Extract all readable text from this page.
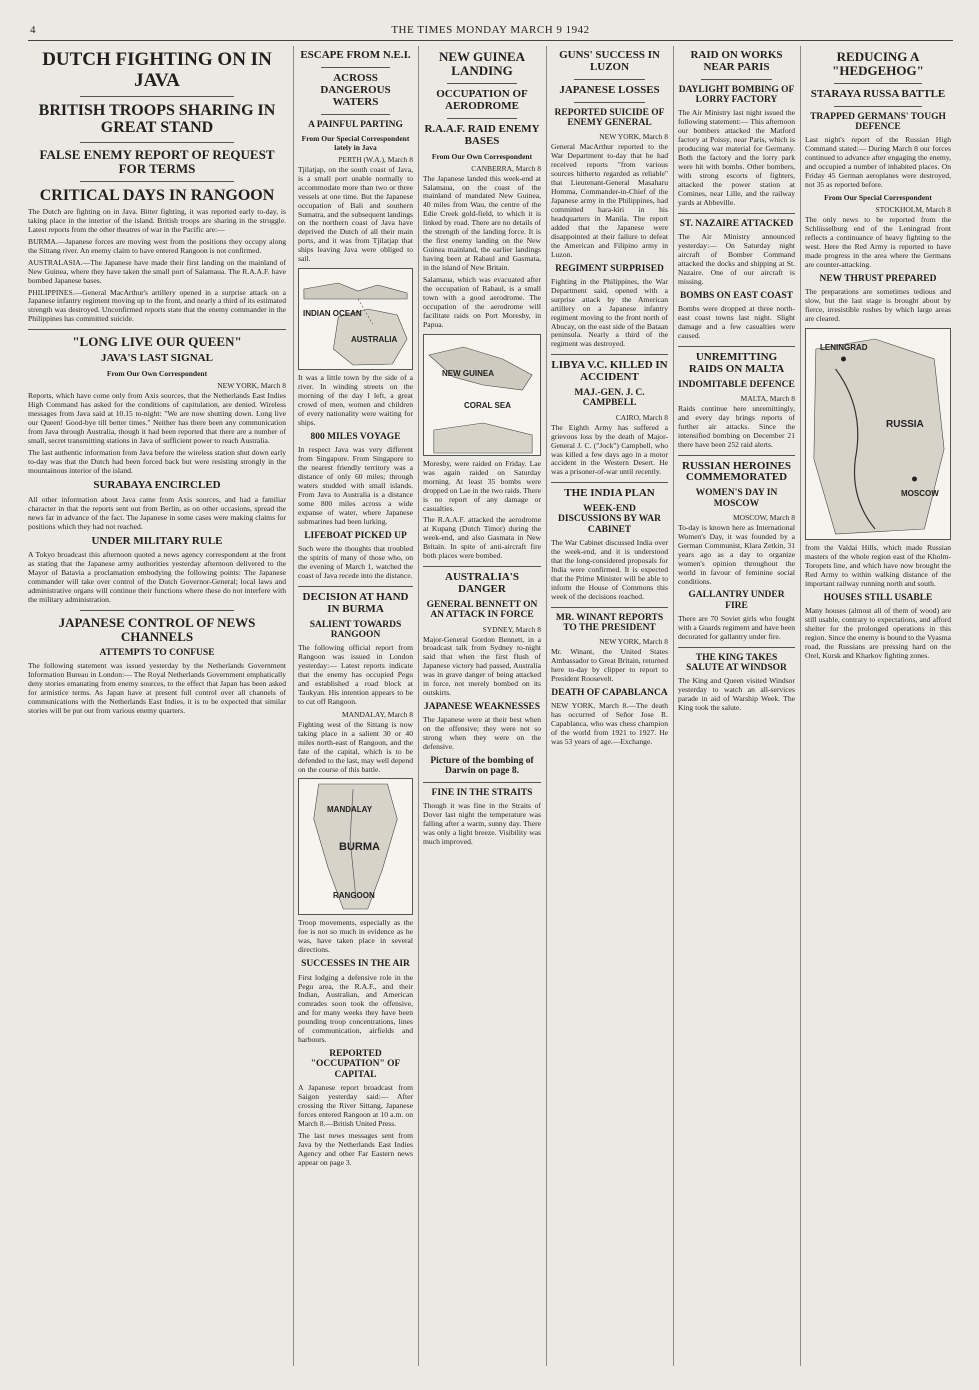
4	THE TIMES MONDAY MARCH 9 1942
DUTCH FIGHTING ON IN JAVA
BRITISH TROOPS SHARING IN GREAT STAND
FALSE ENEMY REPORT OF REQUEST FOR TERMS
CRITICAL DAYS IN RANGOON

The Dutch are fighting on in Java. Bitter fighting, it was reported early to-day, is taking place in the interior of the island. British troops are sharing in the struggle. Latest reports from the other theatres of war in the Pacific are:—

BURMA.—Japanese forces are moving west from the positions they occupy along the Sittang river. An enemy claim to have entered Rangoon is not confirmed.

AUSTRALASIA.—The Japanese have made their first landing on the mainland of New Guinea, where they have taken the small port of Salamaua. The R.A.A.F. have bombed Japanese bases.

PHILIPPINES.—General MacArthur's artillery opened in a surprise attack on a Japanese infantry regiment moving up to the front, and nearly a third of its estimated strength was destroyed. Unconfirmed reports state that the enemy commander in the Philippines has committed suicide.

"LONG LIVE OUR QUEEN"
JAVA'S LAST SIGNAL
From Our Own Correspondent
NEW YORK, March 8

Reports, which have come only from Axis sources, that the Netherlands East Indies High Command has asked for the conditions of capitulation, are denied. Wireless messages from Java said at 10.15 to-night: "We are now shutting down. Long live our Queen! Good-bye till better times." Neither has there been any communication from Java through Australia, though it had been reported that there are a number of small, secret transmitting stations in Java of sufficient power to reach Australia.

The last authentic information from Java before the wireless station shut down early to-day was that the Dutch had been forced back but were resisting strongly in the mountainous interior of the island.

SURABAYA ENCIRCLED

All other information about Java came from Axis sources, and had a familiar character in that the reports sent out from Berlin, as on other occasions, spread the news far in advance of the fact. The Japanese in some cases were making claims for positions which they had not reached.

UNDER MILITARY RULE

A Tokyo broadcast this afternoon quoted a news agency correspondent at the front as stating that the Japanese army authorities yesterday afternoon delivered to the Mayor of Batavia a proclamation embodying the following points: The Japanese commander will take over control of the Dutch Governor-General; local laws and administrative organs will continue their functions where these do not interfere with the military administration.

JAPANESE CONTROL OF NEWS CHANNELS
ATTEMPTS TO CONFUSE

The following statement was issued yesterday by the Netherlands Government Information Bureau in London:— The Royal Netherlands Government emphatically deny stories emanating from enemy sources, to the effect that Japan has been asked for armistice terms. As Japan have at present full control over all channels of communications with the Netherlands East Indies, it is to be expected that similar stories will be put out from various enemy quarters.

ESCAPE FROM N.E.I.
ACROSS DANGEROUS WATERS
A PAINFUL PARTING
From Our Special Correspondent lately in Java
PERTH (W.A.), March 8

Tjilatjap, on the south coast of Java, is a small port unable normally to accommodate more than two or three vessels at one time. But the Japanese occupation of Bali and southern Sumatra, and the subsequent landings on the northern coast of Java have deprived the Dutch of all their main ports, and it was from Tjilatjap that ships leaving Java were obliged to sail.

INDIAN OCEAN
AUSTRALIA

It was a little town by the side of a river. In winding streets on the morning of the day I left, a great crowd of men, women and children of every nationality were waiting for ships.

800 MILES VOYAGE

In respect Java was very different from Singapore. From Singapore to the nearest friendly territory was a distance of only 60 miles; through waters studded with small islands. From Java to Australia is a distance some 800 miles across a wide expanse of water, where Japanese submarines had been lurking.

LIFEBOAT PICKED UP

Such were the thoughts that troubled the spirits of many of those who, on the evening of March 1, watched the coast of Java recede into the distance.

DECISION AT HAND IN BURMA
SALIENT TOWARDS RANGOON

The following official report from Rangoon was issued in London yesterday:— Latest reports indicate that the enemy has occupied Pegu and established a road block at Taukyan. His intention appears to be to cut off Rangoon.

MANDALAY, March 8

Fighting west of the Sittang is now taking place in a salient 30 or 40 miles north-east of Rangoon, and the fate of the capital, which is to be defended to the last, may well depend on the course of this battle.

MANDALAY
BURMA
RANGOON

Troop movements, especially as the foe is not so much in evidence as he was, have taken place in several directions.

SUCCESSES IN THE AIR

First lodging a defensive role in the Pegu area, the R.A.F., and their Indian, Australian, and American comrades soon took the offensive, and for many weeks they have been pounding troop concentrations, lines of communication, airfields and harbours.

REPORTED "OCCUPATION" OF CAPITAL

A Japanese report broadcast from Saigon yesterday said:— After crossing the River Sittang, Japanese forces entered Rangoon at 10 a.m. on March 8.—British United Press.

The last news messages sent from Java by the Netherlands East Indies Agency and other Far Eastern news appear on page 3.

NEW GUINEA LANDING
OCCUPATION OF AERODROME
R.A.A.F. RAID ENEMY BASES
From Our Own Correspondent
CANBERRA, March 8

The Japanese landed this week-end at Salamaua, on the coast of the mainland of mandated New Guinea, 40 miles from Wau, the centre of the Edie Creek gold-field, to which it is linked by road. There are no details of the strength of the landing force. It is the first enemy landing on the New Guinea mainland, the earlier landings having been at Rabaul and Gasmata, in the island of New Britain.

Salamaua, which was evacuated after the occupation of Rabaul, is a small town with a good aerodrome. The occupation of the aerodrome will facilitate raids on Port Moresby, in Papua.

NEW GUINEA
CORAL SEA

Moresby, were raided on Friday. Lae was again raided on Saturday morning. At least 35 bombs were dropped on Lae in the two raids. There is no report of any damage or casualties.

The R.A.A.F. attacked the aerodrome at Kupang (Dutch Timor) during the week-end, and also Gasmata in New Britain. In spite of anti-aircraft fire both places were bombed.

AUSTRALIA'S DANGER
GENERAL BENNETT ON AN ATTACK IN FORCE
SYDNEY, March 8

Major-General Gordon Bennett, in a broadcast talk from Sydney to-night said that when the first flush of Japanese victory had passed, Australia was in grave danger of being attacked in force, not merely bombed on its outskirts.

JAPANESE WEAKNESSES

The Japanese were at their best when on the offensive; they were not so strong when they were on the defensive.

Picture of the bombing of Darwin on page 8.
FINE IN THE STRAITS

Though it was fine in the Straits of Dover last night the temperature was falling after a warm, sunny day. There was only a light breeze. Visibility was much improved.

GUNS' SUCCESS IN LUZON
JAPANESE LOSSES
REPORTED SUICIDE OF ENEMY GENERAL
NEW YORK, March 8

General MacArthur reported to the War Department to-day that he had received reports "from various sources hitherto regarded as reliable" that Lieutenant-General Masaharu Homma, Commander-in-Chief of the Japanese army in the Philippines, had committed hara-kiri in his headquarters in Manila. The report added that the Japanese were disappointed at their failure to defeat the American and Filipino army in Luzon.

REGIMENT SURPRISED

Fighting in the Philippines, the War Department said, opened with a surprise attack by the American artillery on a Japanese infantry regiment moving to the front north of Abucay, on the east side of the Bataan peninsula. Nearly a third of the regiment was destroyed.

LIBYA V.C. KILLED IN ACCIDENT
MAJ.-GEN. J. C. CAMPBELL
CAIRO, March 8

The Eighth Army has suffered a grievous loss by the death of Major-General J. C. ("Jock") Campbell, who was killed a few days ago in a motor accident in the Western Desert. He was a prisoner-of-war until recently.

THE INDIA PLAN
WEEK-END DISCUSSIONS BY WAR CABINET

The War Cabinet discussed India over the week-end, and it is understood that the long-considered proposals for India were confirmed. It is expected that the Prime Minister will be able to inform the House of Commons this week of the decisions reached.

MR. WINANT REPORTS TO THE PRESIDENT
NEW YORK, March 8

Mr. Winant, the United States Ambassador to Great Britain, returned here to-day by clipper to report to President Roosevelt.

DEATH OF CAPABLANCA

NEW YORK, March 8.—The death has occurred of Señor Jose R. Capablanca, who was chess champion of the world from 1921 to 1927. He was 53 years of age.—Exchange.

RAID ON WORKS NEAR PARIS
DAYLIGHT BOMBING OF LORRY FACTORY

The Air Ministry last night issued the following statement:— This afternoon our bombers attacked the Matford factory at Poissy, near Paris, which is producing war material for Germany. Both the factory and the lorry park were hit with bombs. Other bombers, with strong escorts of fighters, attacked the power station at Comines, near Lille, and the railway yards at Abbeville.

ST. NAZAIRE ATTACKED

The Air Ministry announced yesterday:— On Saturday night aircraft of Bomber Command attacked the docks and shipping at St. Nazaire. One of our aircraft is missing.

BOMBS ON EAST COAST

Bombs were dropped at three north-east coast towns last night. Slight damage and a few casualties were caused.

UNREMITTING RAIDS ON MALTA
INDOMITABLE DEFENCE
MALTA, March 8

Raids continue here unremittingly, and every day brings reports of further air attacks. Since the intensified bombing on December 21 there have been 252 raid alerts.

RUSSIAN HEROINES COMMEMORATED
WOMEN'S DAY IN MOSCOW
MOSCOW, March 8

To-day is known here as International Women's Day, it was founded by a German Communist, Klara Zetkin, 31 years ago as a day to organize women's opinion throughout the world in favour of feminine social conditions.

GALLANTRY UNDER FIRE

There are 70 Soviet girls who fought with a Guards regiment and have been decorated for gallantry under fire.

THE KING TAKES SALUTE AT WINDSOR

The King and Queen visited Windsor yesterday to watch an all-services parade in aid of Warship Week. The King took the salute.

REDUCING A "HEDGEHOG"
STARAYA RUSSA BATTLE
TRAPPED GERMANS' TOUGH DEFENCE

Last night's report of the Russian High Command stated:— During March 8 our forces continued to advance after engaging the enemy, and occupied a number of inhabited places. On Friday 45 German aeroplanes were destroyed, not 35 as reported before.

From Our Special Correspondent
STOCKHOLM, March 8

The only news to be reported from the Schlüsselburg end of the Leningrad front reflects a continuance of heavy fighting to the west. Here the Red Army is reported to have made progress in the area where the Germans are counter-attacking.

NEW THRUST PREPARED

The preparations are sometimes tedious and slow, but the last stage is brought about by fierce, irresistible rushes by which large areas are cleared.

LENINGRAD
MOSCOW
RUSSIA

from the Valdai Hills, which made Russian masters of the whole region east of the Kholm-Toropets line, and which have now brought the Red Army to within walking distance of the important railway running north and south.

HOUSES STILL USABLE

Many houses (almost all of them of wood) are still usable, contrary to expectations, and afford shelter for the prolonged operations in this region. Since the enemy is bound to the Vyasma road, the Russians are pressing hard on the Orel, Kursk and Kharkov fighting zones.
